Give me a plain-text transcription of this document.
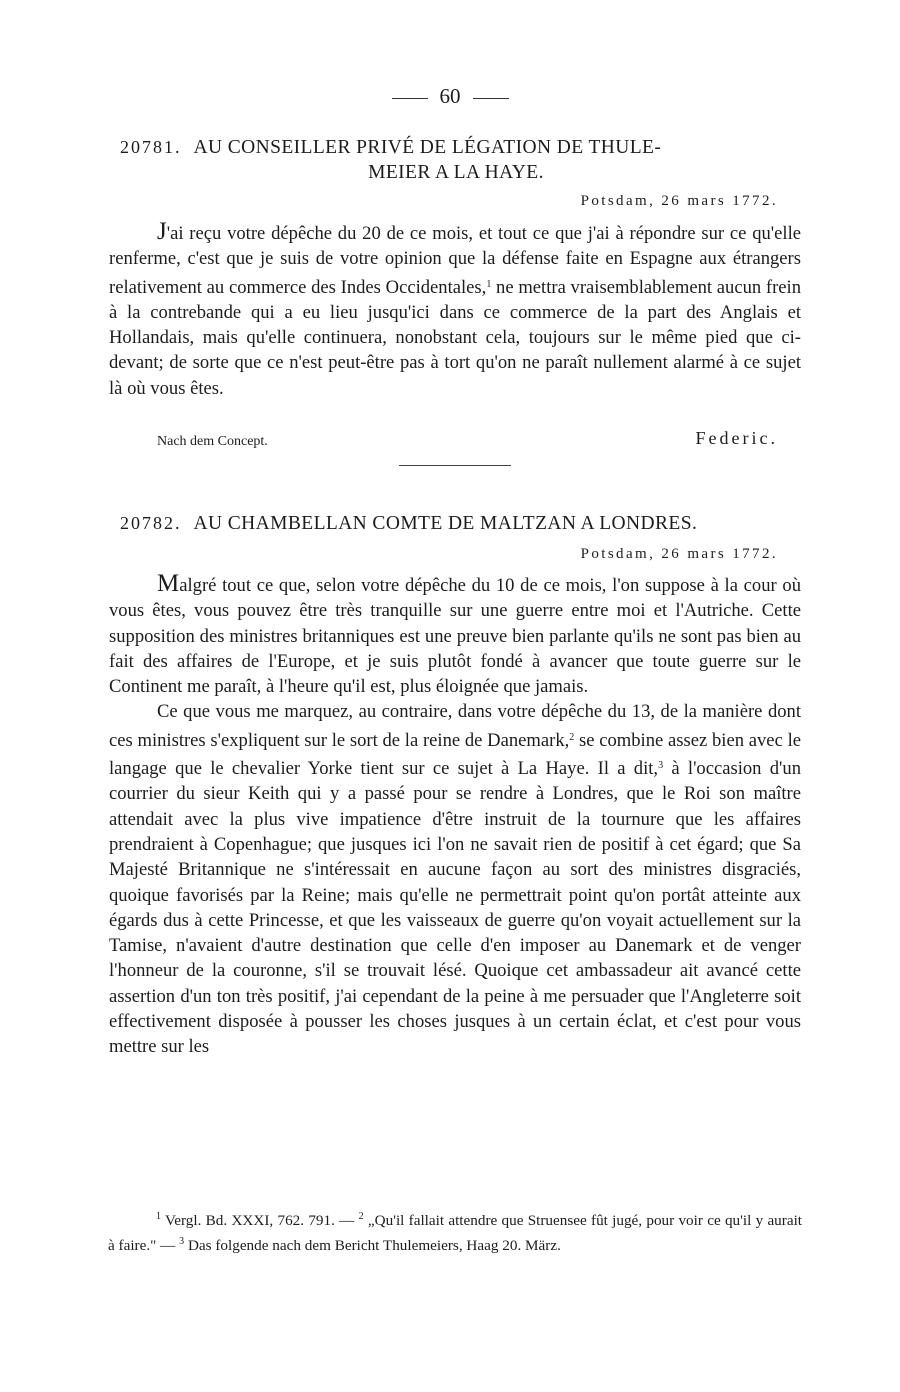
60
20781. AU CONSEILLER PRIVÉ DE LÉGATION DE THULE-
MEIER A LA HAYE.
Potsdam, 26 mars 1772.

J'ai reçu votre dépêche du 20 de ce mois, et tout ce que j'ai à répondre sur ce qu'elle renferme, c'est que je suis de votre opinion que la défense faite en Espagne aux étrangers relativement au commerce des Indes Occidentales,$^1$ ne mettra vraisemblablement aucun frein à la contrebande qui a eu lieu jusqu'ici dans ce commerce de la part des Anglais et Hollandais, mais qu'elle continuera, nonobstant cela, toujours sur le même pied que ci-devant; de sorte que ce n'est peut-être pas à tort qu'on ne paraît nullement alarmé à ce sujet là où vous êtes.

Nach dem Concept.	Federic.
20782. AU CHAMBELLAN COMTE DE MALTZAN A LONDRES.
Potsdam, 26 mars 1772.

Malgré tout ce que, selon votre dépêche du 10 de ce mois, l'on suppose à la cour où vous êtes, vous pouvez être très tranquille sur une guerre entre moi et l'Autriche. Cette supposition des ministres britanniques est une preuve bien parlante qu'ils ne sont pas bien au fait des affaires de l'Europe, et je suis plutôt fondé à avancer que toute guerre sur le Continent me paraît, à l'heure qu'il est, plus éloignée que jamais.

Ce que vous me marquez, au contraire, dans votre dépêche du 13, de la manière dont ces ministres s'expliquent sur le sort de la reine de Danemark,$^2$ se combine assez bien avec le langage que le chevalier Yorke tient sur ce sujet à La Haye. Il a dit,$^3$ à l'occasion d'un courrier du sieur Keith qui y a passé pour se rendre à Londres, que le Roi son maître attendait avec la plus vive impatience d'être instruit de la tournure que les affaires prendraient à Copenhague; que jusques ici l'on ne savait rien de positif à cet égard; que Sa Majesté Britannique ne s'intéressait en aucune façon au sort des ministres disgraciés, quoique favorisés par la Reine; mais qu'elle ne permettrait point qu'on portât atteinte aux égards dus à cette Princesse, et que les vaisseaux de guerre qu'on voyait actuellement sur la Tamise, n'avaient d'autre destination que celle d'en imposer au Danemark et de venger l'honneur de la couronne, s'il se trouvait lésé. Quoique cet ambassadeur ait avancé cette assertion d'un ton très positif, j'ai cependant de la peine à me persuader que l'Angleterre soit effectivement disposée à pousser les choses jusques à un certain éclat, et c'est pour vous mettre sur les

$^1$ Vergl. Bd. XXXI, 762. 791. — $^2$ „Qu'il fallait attendre que Struensee fût jugé, pour voir ce qu'il y aurait à faire." — $^3$ Das folgende nach dem Bericht Thulemeiers, Haag 20. März.
